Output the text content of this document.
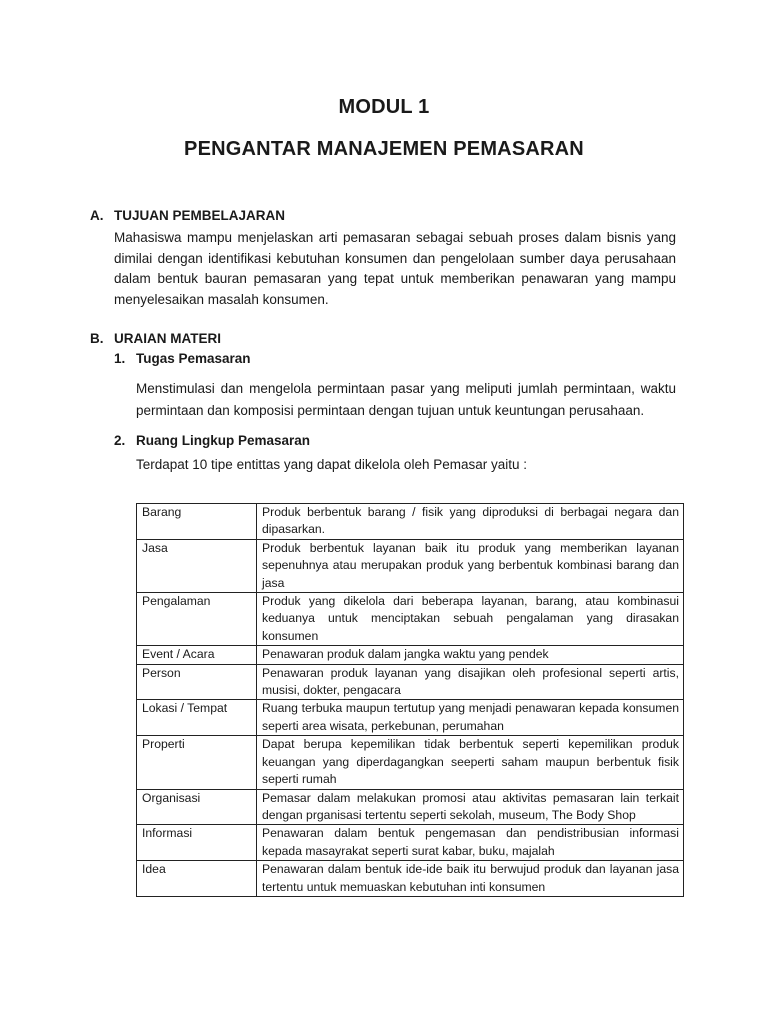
MODUL 1
PENGANTAR MANAJEMEN PEMASARAN
A. TUJUAN PEMBELAJARAN
Mahasiswa mampu menjelaskan arti pemasaran sebagai sebuah proses dalam bisnis yang dimilai dengan identifikasi kebutuhan konsumen dan pengelolaan sumber daya perusahaan dalam bentuk bauran pemasaran yang tepat untuk memberikan penawaran yang mampu menyelesaikan masalah konsumen.
B. URAIAN MATERI
1. Tugas Pemasaran
Menstimulasi dan mengelola permintaan pasar yang meliputi jumlah permintaan, waktu permintaan dan komposisi permintaan dengan tujuan untuk keuntungan perusahaan.
2. Ruang Lingkup Pemasaran
Terdapat 10 tipe entittas yang dapat dikelola oleh Pemasar yaitu :
Barang	Produk berbentuk barang / fisik yang diproduksi di berbagai negara dan dipasarkan.
Jasa	Produk berbentuk layanan baik itu produk yang memberikan layanan sepenuhnya atau merupakan produk yang berbentuk kombinasi barang dan jasa
Pengalaman	Produk yang dikelola dari beberapa layanan, barang, atau kombinasui keduanya untuk menciptakan sebuah pengalaman yang dirasakan konsumen
Event / Acara	Penawaran produk dalam jangka waktu yang pendek
Person	Penawaran produk layanan yang disajikan oleh profesional seperti artis, musisi, dokter, pengacara
Lokasi / Tempat	Ruang terbuka maupun tertutup yang menjadi penawaran kepada konsumen seperti area wisata, perkebunan, perumahan
Properti	Dapat berupa kepemilikan tidak berbentuk seperti kepemilikan produk keuangan yang diperdagangkan seeperti saham maupun berbentuk fisik seperti rumah
Organisasi	Pemasar dalam melakukan promosi atau aktivitas pemasaran lain terkait dengan prganisasi tertentu seperti sekolah, museum, The Body Shop
Informasi	Penawaran dalam bentuk pengemasan dan pendistribusian informasi kepada masayrakat seperti surat kabar, buku, majalah
Idea	Penawaran dalam bentuk ide-ide baik itu berwujud produk dan layanan jasa tertentu untuk memuaskan kebutuhan inti konsumen
